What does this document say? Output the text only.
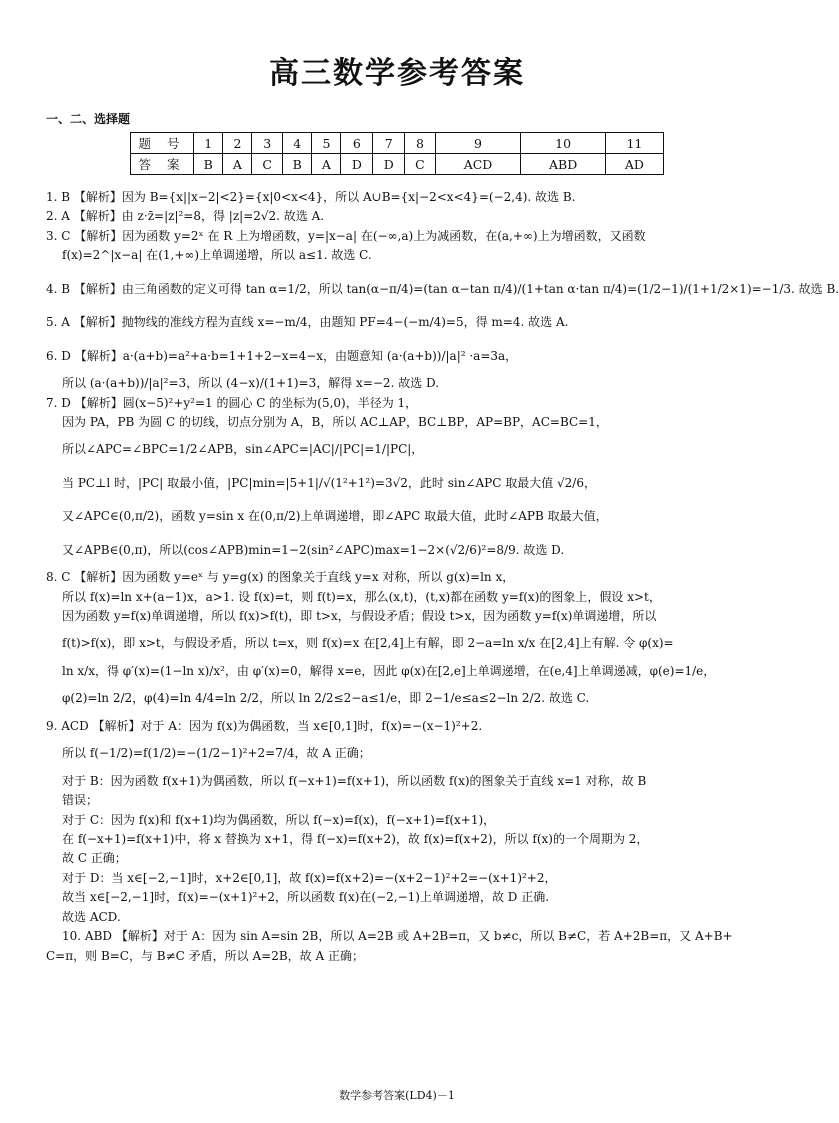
高三数学参考答案
一、二、选择题
题 号	1	2	3	4	5	6	7	8	9	10	11
答 案	B	A	C	B	A	D	D	C	ACD	ABD	AD

1. B 【解析】因为 B={x||x−2|<2}={x|0<x<4}，所以 A∪B={x|−2<x<4}=(−2,4). 故选 B.

2. A 【解析】由 z·z̄=|z|²=8，得 |z|=2√2. 故选 A.

3. C 【解析】因为函数 y=2ˣ 在 R 上为增函数，y=|x−a| 在(−∞,a)上为减函数，在(a,+∞)上为增函数，又函数

f(x)=2^|x−a| 在(1,+∞)上单调递增，所以 a≤1. 故选 C.

4. B 【解析】由三角函数的定义可得 tan α=1/2，所以 tan(α−π/4)=(tan α−tan π/4)/(1+tan α·tan π/4)=(1/2−1)/(1+1/2×1)=−1/3. 故选 B.

5. A 【解析】抛物线的准线方程为直线 x=−m/4，由题知 PF=4−(−m/4)=5，得 m=4. 故选 A.

6. D 【解析】a·(a+b)=a²+a·b=1+1+2−x=4−x，由题意知 (a·(a+b))/|a|² ·a=3a，

所以 (a·(a+b))/|a|²=3，所以 (4−x)/(1+1)=3，解得 x=−2. 故选 D.

7. D 【解析】圆(x−5)²+y²=1 的圆心 C 的坐标为(5,0)，半径为 1，

因为 PA，PB 为圆 C 的切线，切点分别为 A，B，所以 AC⊥AP，BC⊥BP，AP=BP，AC=BC=1，

所以∠APC=∠BPC=1/2∠APB，sin∠APC=|AC|/|PC|=1/|PC|，

当 PC⊥l 时，|PC| 取最小值，|PC|min=|5+1|/√(1²+1²)=3√2，此时 sin∠APC 取最大值 √2/6，

又∠APC∈(0,π/2)，函数 y=sin x 在(0,π/2)上单调递增，即∠APC 取最大值，此时∠APB 取最大值，

又∠APB∈(0,π)，所以(cos∠APB)min=1−2(sin²∠APC)max=1−2×(√2/6)²=8/9. 故选 D.

8. C 【解析】因为函数 y=eˣ 与 y=g(x) 的图象关于直线 y=x 对称，所以 g(x)=ln x，

所以 f(x)=ln x+(a−1)x，a>1. 设 f(x)=t，则 f(t)=x，那么(x,t)，(t,x)都在函数 y=f(x)的图象上，假设 x>t，

因为函数 y=f(x)单调递增，所以 f(x)>f(t)，即 t>x，与假设矛盾；假设 t>x，因为函数 y=f(x)单调递增，所以

f(t)>f(x)，即 x>t，与假设矛盾，所以 t=x，则 f(x)=x 在[2,4]上有解，即 2−a=ln x/x 在[2,4]上有解. 令 φ(x)=

ln x/x，得 φ′(x)=(1−ln x)/x²，由 φ′(x)=0，解得 x=e，因此 φ(x)在[2,e]上单调递增，在(e,4]上单调递减，φ(e)=1/e，

φ(2)=ln 2/2，φ(4)=ln 4/4=ln 2/2，所以 ln 2/2≤2−a≤1/e，即 2−1/e≤a≤2−ln 2/2. 故选 C.

9. ACD 【解析】对于 A：因为 f(x)为偶函数，当 x∈[0,1]时，f(x)=−(x−1)²+2.

所以 f(−1/2)=f(1/2)=−(1/2−1)²+2=7/4，故 A 正确；

对于 B：因为函数 f(x+1)为偶函数，所以 f(−x+1)=f(x+1)，所以函数 f(x)的图象关于直线 x=1 对称，故 B

错误；

对于 C：因为 f(x)和 f(x+1)均为偶函数，所以 f(−x)=f(x)，f(−x+1)=f(x+1)，

在 f(−x+1)=f(x+1)中，将 x 替换为 x+1，得 f(−x)=f(x+2)，故 f(x)=f(x+2)，所以 f(x)的一个周期为 2，

故 C 正确；

对于 D：当 x∈[−2,−1]时，x+2∈[0,1]，故 f(x)=f(x+2)=−(x+2−1)²+2=−(x+1)²+2，

故当 x∈[−2,−1]时，f(x)=−(x+1)²+2，所以函数 f(x)在(−2,−1)上单调递增，故 D 正确.

故选 ACD.

10. ABD 【解析】对于 A：因为 sin A=sin 2B，所以 A=2B 或 A+2B=π，又 b≠c，所以 B≠C，若 A+2B=π，又 A+B+

C=π，则 B=C，与 B≠C 矛盾，所以 A=2B，故 A 正确；

数学参考答案(LD4)－1
